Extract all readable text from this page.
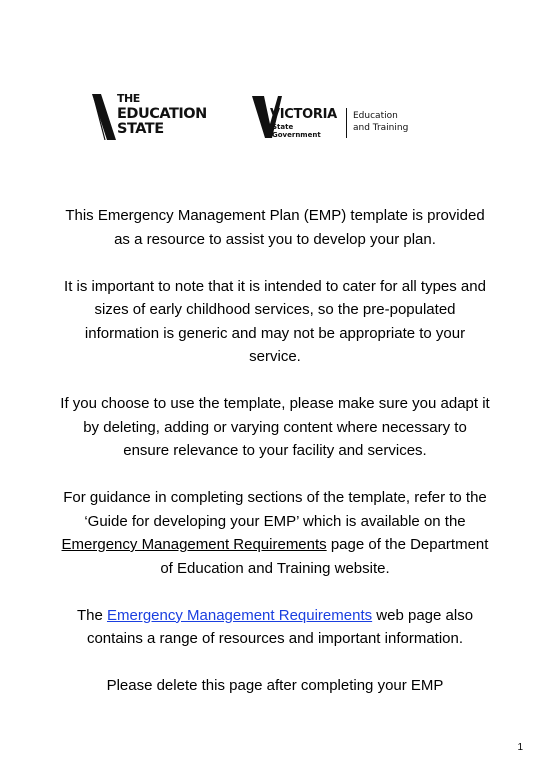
THE
EDUCATION
STATE
VICTORIA
State
Government
Education
and Training

This Emergency Management Plan (EMP) template is provided as a resource to assist you to develop your plan.

It is important to note that it is intended to cater for all types and sizes of early childhood services, so the pre-populated information is generic and may not be appropriate to your service.

If you choose to use the template, please make sure you adapt it by deleting, adding or varying content where necessary to ensure relevance to your facility and services.

For guidance in completing sections of the template, refer to the ‘Guide for developing your EMP’ which is available on the Emergency Management Requirements page of the Department of Education and Training website.

The Emergency Management Requirements web page also contains a range of resources and important information.

Please delete this page after completing your EMP

1
